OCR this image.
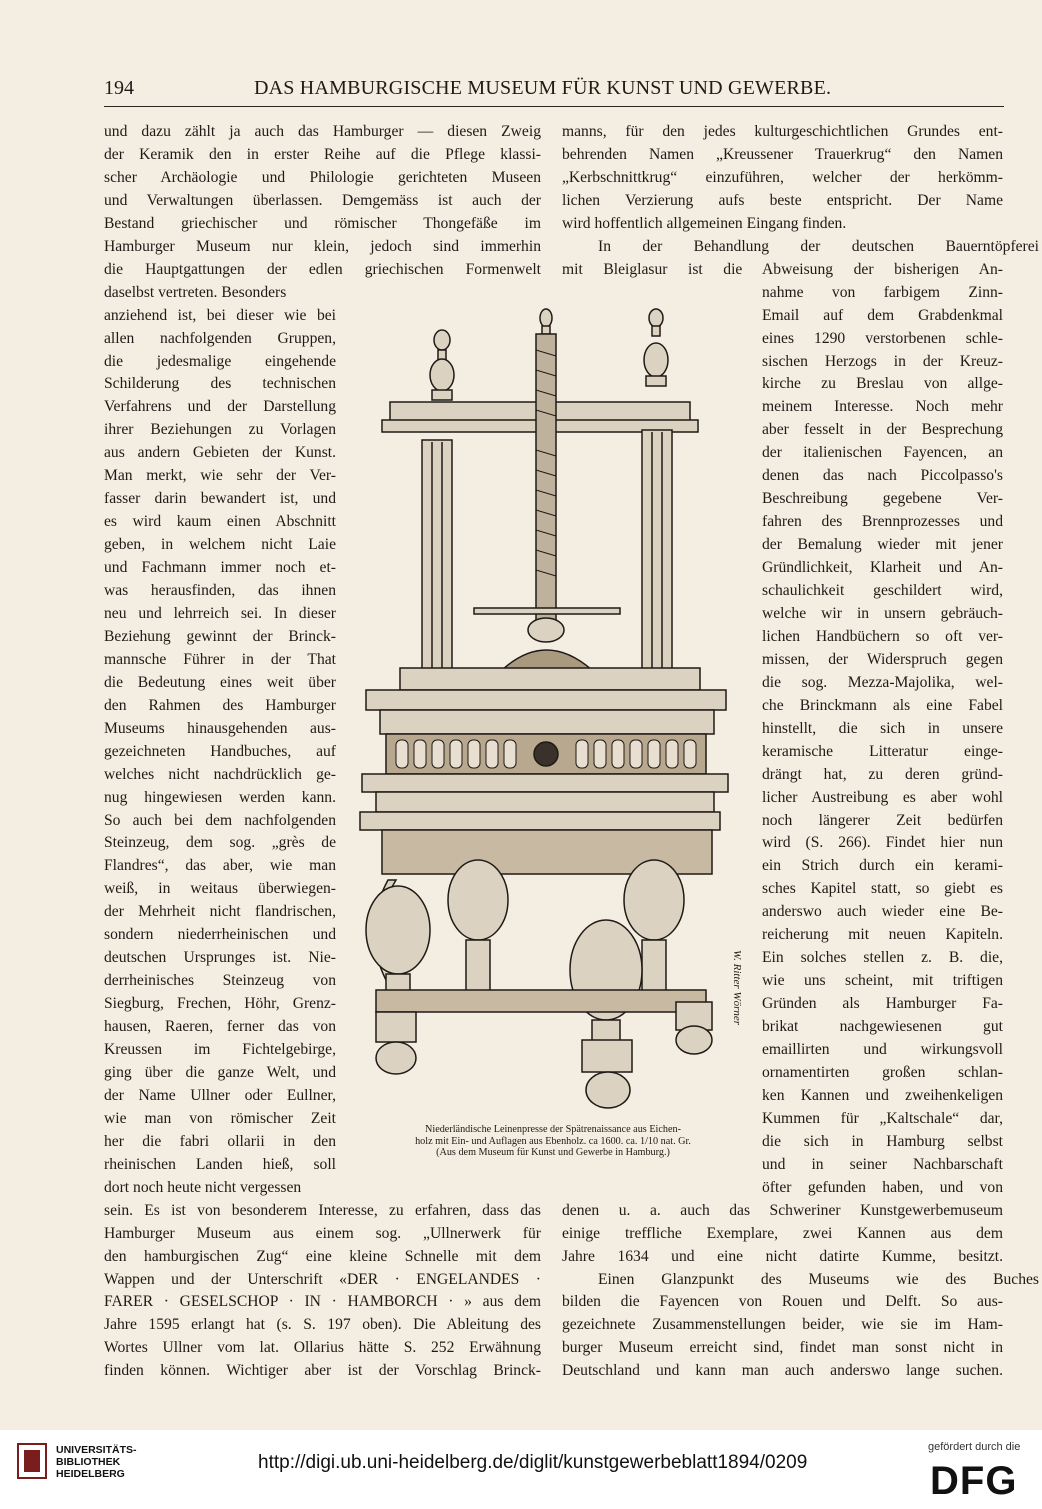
194	DAS HAMBURGISCHE MUSEUM FÜR KUNST UND GEWERBE.
und dazu zählt ja auch das Hamburger — diesen Zweig
der Keramik den in erster Reihe auf die Pflege klassi-
scher Archäologie und Philologie gerichteten Museen
und Verwaltungen überlassen. Demgemäss ist auch der
Bestand griechischer und römischer Thongefäße im
Hamburger Museum nur klein, jedoch sind immerhin
die Hauptgattungen der edlen griechischen Formenwelt
daselbst vertreten. Besonders
anziehend ist, bei dieser wie bei
allen nachfolgenden Gruppen,
die jedesmalige eingehende
Schilderung des technischen
Verfahrens und der Darstellung
ihrer Beziehungen zu Vorlagen
aus andern Gebieten der Kunst.
Man merkt, wie sehr der Ver-
fasser darin bewandert ist, und
es wird kaum einen Abschnitt
geben, in welchem nicht Laie
und Fachmann immer noch et-
was herausfinden, das ihnen
neu und lehrreich sei. In dieser
Beziehung gewinnt der Brinck-
mannsche Führer in der That
die Bedeutung eines weit über
den Rahmen des Hamburger
Museums hinausgehenden aus-
gezeichneten Handbuches, auf
welches nicht nachdrücklich ge-
nug hingewiesen werden kann.
So auch bei dem nachfolgenden
Steinzeug, dem sog. „grès de
Flandres“, das aber, wie man
weiß, in weitaus überwiegen-
der Mehrheit nicht flandrischen,
sondern niederrheinischen und
deutschen Ursprunges ist. Nie-
derrheinisches Steinzeug von
Siegburg, Frechen, Höhr, Grenz-
hausen, Raeren, ferner das von
Kreussen im Fichtelgebirge,
ging über die ganze Welt, und
der Name Ullner oder Eullner,
wie man von römischer Zeit
her die fabri ollarii in den
rheinischen Landen hieß, soll
dort noch heute nicht vergessen
sein. Es ist von besonderem Interesse, zu erfahren, dass das
Hamburger Museum aus einem sog. „Ullnerwerk für
den hamburgischen Zug“ eine kleine Schnelle mit dem
Wappen und der Unterschrift «DER · ENGELANDES ·
FARER · GESELSCHOP · IN · HAMBORCH · » aus dem
Jahre 1595 erlangt hat (s. S. 197 oben). Die Ableitung des
Wortes Ullner vom lat. Ollarius hätte S. 252 Erwähnung
finden können. Wichtiger aber ist der Vorschlag Brinck-
manns, für den jedes kulturgeschichtlichen Grundes ent-
behrenden Namen „Kreussener Trauerkrug“ den Namen
„Kerbschnittkrug“ einzuführen, welcher der herkömm-
lichen Verzierung aufs beste entspricht. Der Name
wird hoffentlich allgemeinen Eingang finden.
In der Behandlung der deutschen Bauerntöpferei
mit Bleiglasur ist die Abweisung der bisherigen An-
nahme von farbigem Zinn-
Email auf dem Grabdenkmal
eines 1290 verstorbenen schle-
sischen Herzogs in der Kreuz-
kirche zu Breslau von allge-
meinem Interesse. Noch mehr
aber fesselt in der Besprechung
der italienischen Fayencen, an
denen das nach Piccolpasso's
Beschreibung gegebene Ver-
fahren des Brennprozesses und
der Bemalung wieder mit jener
Gründlichkeit, Klarheit und An-
schaulichkeit geschildert wird,
welche wir in unsern gebräuch-
lichen Handbüchern so oft ver-
missen, der Widerspruch gegen
die sog. Mezza-Majolika, wel-
che Brinckmann als eine Fabel
hinstellt, die sich in unsere
keramische Litteratur einge-
drängt hat, zu deren gründ-
licher Austreibung es aber wohl
noch längerer Zeit bedürfen
wird (S. 266). Findet hier nun
ein Strich durch ein kerami-
sches Kapitel statt, so giebt es
anderswo auch wieder eine Be-
reicherung mit neuen Kapiteln.
Ein solches stellen z. B. die,
wie uns scheint, mit triftigen
Gründen als Hamburger Fa-
brikat nachgewiesenen gut
emaillirten und wirkungsvoll
ornamentirten großen schlan-
ken Kannen und zweihenkeligen
Kummen für „Kaltschale“ dar,
die sich in Hamburg selbst
und in seiner Nachbarschaft
öfter gefunden haben, und von
denen u. a. auch das Schweriner Kunstgewerbemuseum
einige treffliche Exemplare, zwei Kannen aus dem
Jahre 1634 und eine nicht datirte Kumme, besitzt.
Einen Glanzpunkt des Museums wie des Buches
bilden die Fayencen von Rouen und Delft. So aus-
gezeichnete Zusammenstellungen beider, wie sie im Ham-
burger Museum erreicht sind, findet man sonst nicht in
Deutschland und kann man auch anderswo lange suchen.
W. Ritter Wörner
Niederländische Leinenpresse der Spätrenaissance aus Eichen-
holz mit Ein- und Auflagen aus Ebenholz. ca 1600. ca. 1/10 nat. Gr.
(Aus dem Museum für Kunst und Gewerbe in Hamburg.)
UNIVERSITÄTS-
BIBLIOTHEK
HEIDELBERG
http://digi.ub.uni-heidelberg.de/diglit/kunstgewerbeblatt1894/0209
gefördert durch die
DFG
